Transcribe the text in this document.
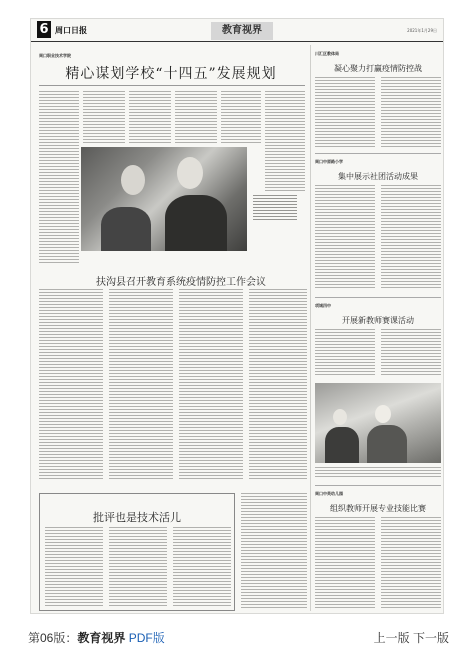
6 周口日报	教育视界	2021年1月29日
周口职业技术学院
精心谋划学校“十四五”发展规划
扶沟县召开教育系统疫情防控工作会议
批评也是技术活儿
川汇区教体局
凝心聚力打赢疫情防控战
周口中原路小学
集中展示社团活动成果
项城四中
开展新教师赛课活动
周口中英幼儿园
组织教师开展专业技能比赛
第06版：教育视界 PDF版	上一版 下一版
